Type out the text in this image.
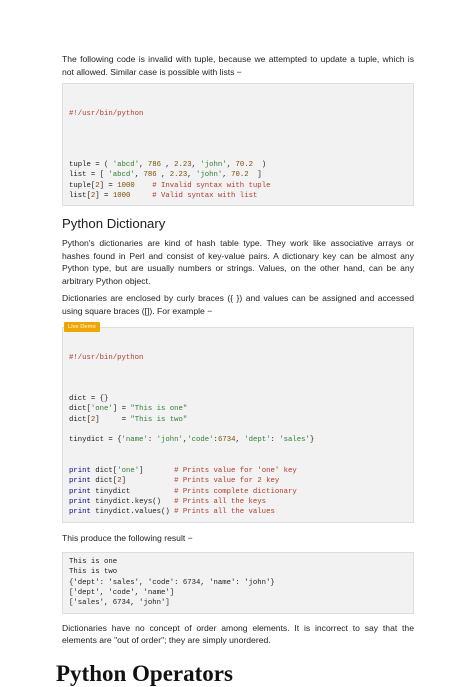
The following code is invalid with tuple, because we attempted to update a tuple, which is not allowed. Similar case is possible with lists −

#!/usr/bin/python

tuple = ( 'abcd', 786 , 2.23, 'john', 70.2  )
list = [ 'abcd', 786 , 2.23, 'john', 70.2  ]
tuple[2] = 1000 # Invalid syntax with tuple
list[2] = 1000	# Valid syntax with list
Python Dictionary

Python's dictionaries are kind of hash table type. They work like associative arrays or hashes found in Perl and consist of key-value pairs. A dictionary key can be almost any Python type, but are usually numbers or strings. Values, on the other hand, can be any arbitrary Python object.

Dictionaries are enclosed by curly braces ({ }) and values can be assigned and accessed using square braces ([]). For example −

Live Demo

#!/usr/bin/python

dict = {}
dict['one'] = "This is one"
dict[2]     = "This is two"

tinydict = {'name': 'john','code':6734, 'dept': 'sales'}

print dict['one']       # Prints value for 'one' key
print dict[2]           # Prints value for 2 key
print tinydict          # Prints complete dictionary
print tinydict.keys()   # Prints all the keys
print tinydict.values() # Prints all the values

This produce the following result −

This is one
This is two
{'dept': 'sales', 'code': 6734, 'name': 'john'}
['dept', 'code', 'name']
['sales', 6734, 'john']

Dictionaries have no concept of order among elements. It is incorrect to say that the elements are "out of order"; they are simply unordered.

Python Operators
